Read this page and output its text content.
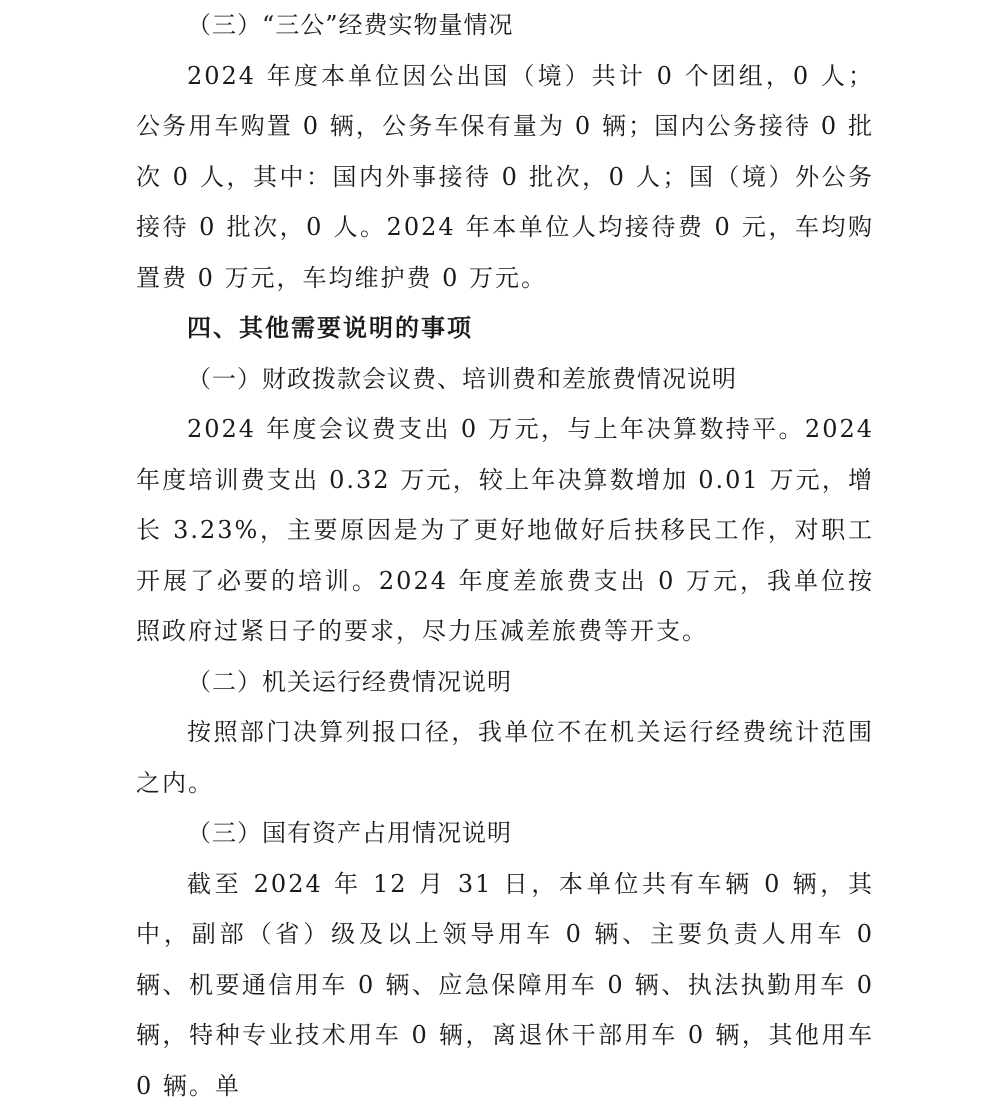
（三）“三公”经费实物量情况

2024 年度本单位因公出国（境）共计 0 个团组，0 人；公务用车购置 0 辆，公务车保有量为 0 辆；国内公务接待 0 批次 0 人，其中：国内外事接待 0 批次，0 人；国（境）外公务接待 0 批次，0 人。2024 年本单位人均接待费 0 元，车均购置费 0 万元，车均维护费 0 万元。

四、其他需要说明的事项

（一）财政拨款会议费、培训费和差旅费情况说明

2024 年度会议费支出 0 万元，与上年决算数持平。2024 年度培训费支出 0.32 万元，较上年决算数增加 0.01 万元，增长 3.23%，主要原因是为了更好地做好后扶移民工作，对职工开展了必要的培训。2024 年度差旅费支出 0 万元，我单位按照政府过紧日子的要求，尽力压减差旅费等开支。

（二）机关运行经费情况说明

按照部门决算列报口径，我单位不在机关运行经费统计范围之内。

（三）国有资产占用情况说明

截至 2024 年 12 月 31 日，本单位共有车辆 0 辆，其中，副部（省）级及以上领导用车 0 辆、主要负责人用车 0 辆、机要通信用车 0 辆、应急保障用车 0 辆、执法执勤用车 0 辆，特种专业技术用车 0 辆，离退休干部用车 0 辆，其他用车 0 辆。单
